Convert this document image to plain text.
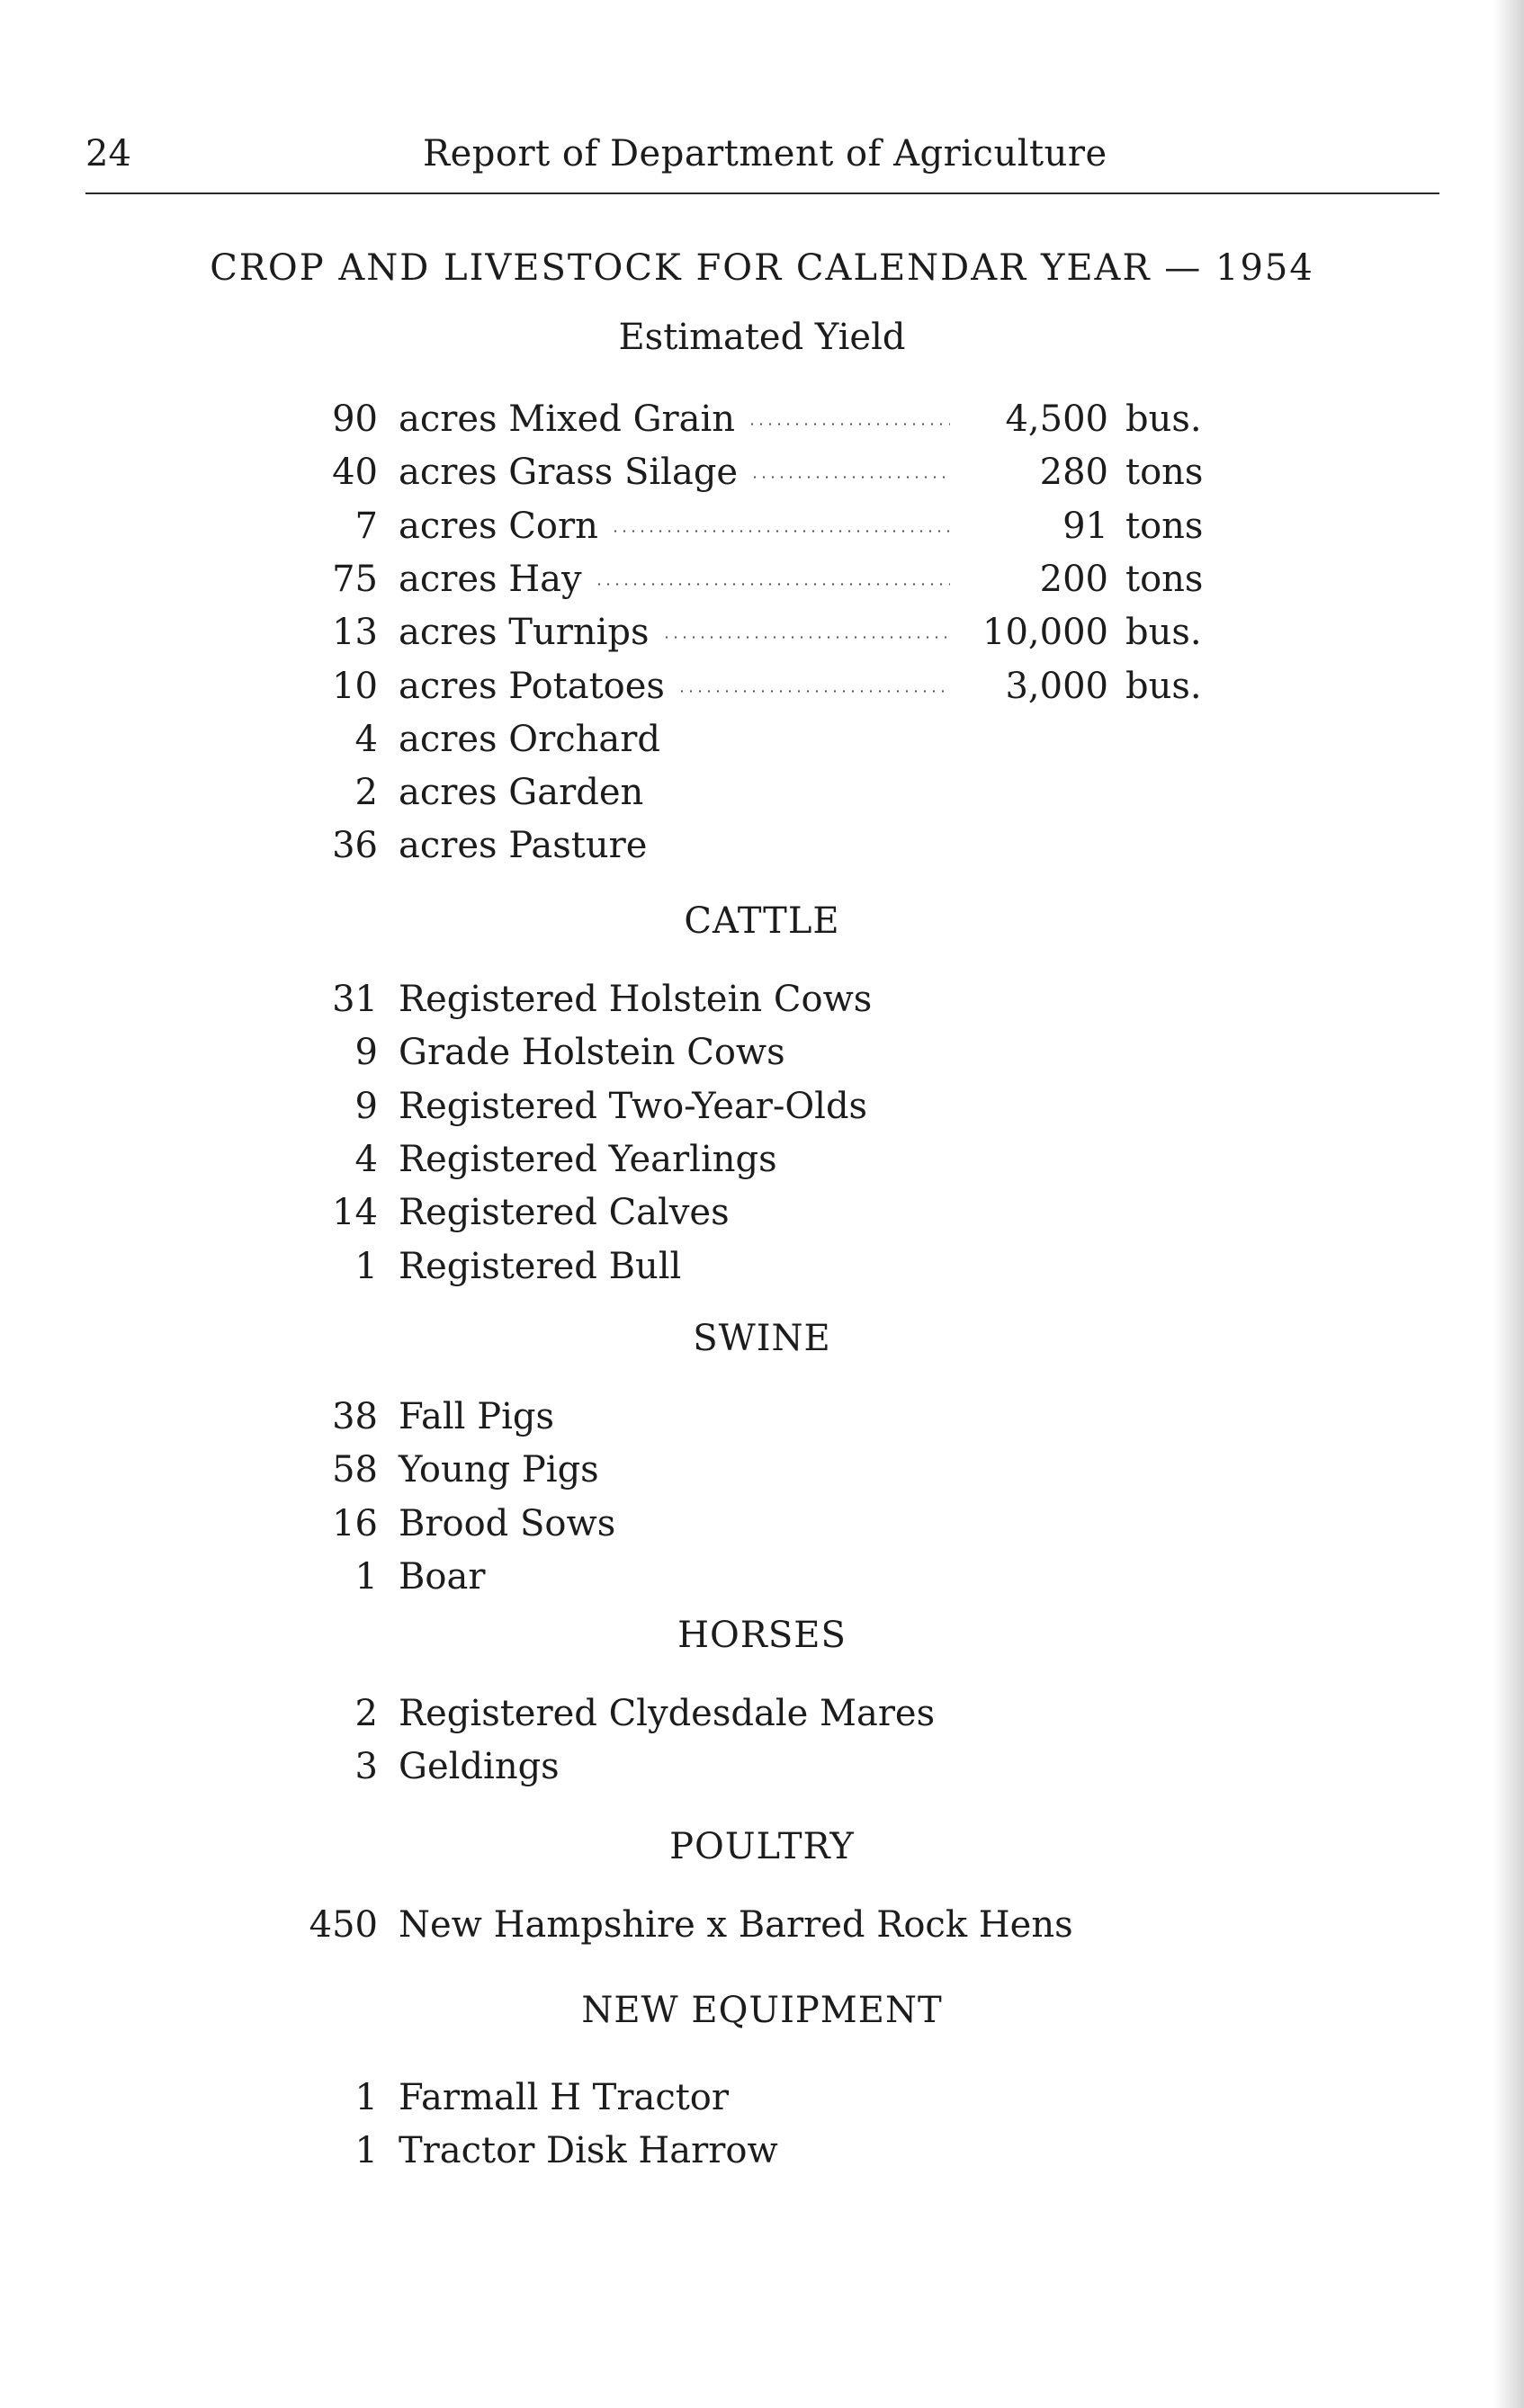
24	Report of Department of Agriculture
CROP AND LIVESTOCK FOR CALENDAR YEAR — 1954
Estimated Yield
90 acres Mixed Grain	4,500 bus.
40 acres Grass Silage	280 tons
7 acres Corn	91 tons
75 acres Hay	200 tons
13 acres Turnips	10,000 bus.
10 acres Potatoes	3,000 bus.
4 acres Orchard
2 acres Garden
36 acres Pasture
CATTLE
31 Registered Holstein Cows
9 Grade Holstein Cows
9 Registered Two-Year-Olds
4 Registered Yearlings
14 Registered Calves
1 Registered Bull
SWINE
38 Fall Pigs
58 Young Pigs
16 Brood Sows
1 Boar
HORSES
2 Registered Clydesdale Mares
3 Geldings
POULTRY
450 New Hampshire x Barred Rock Hens
NEW EQUIPMENT
1 Farmall H Tractor
1 Tractor Disk Harrow
